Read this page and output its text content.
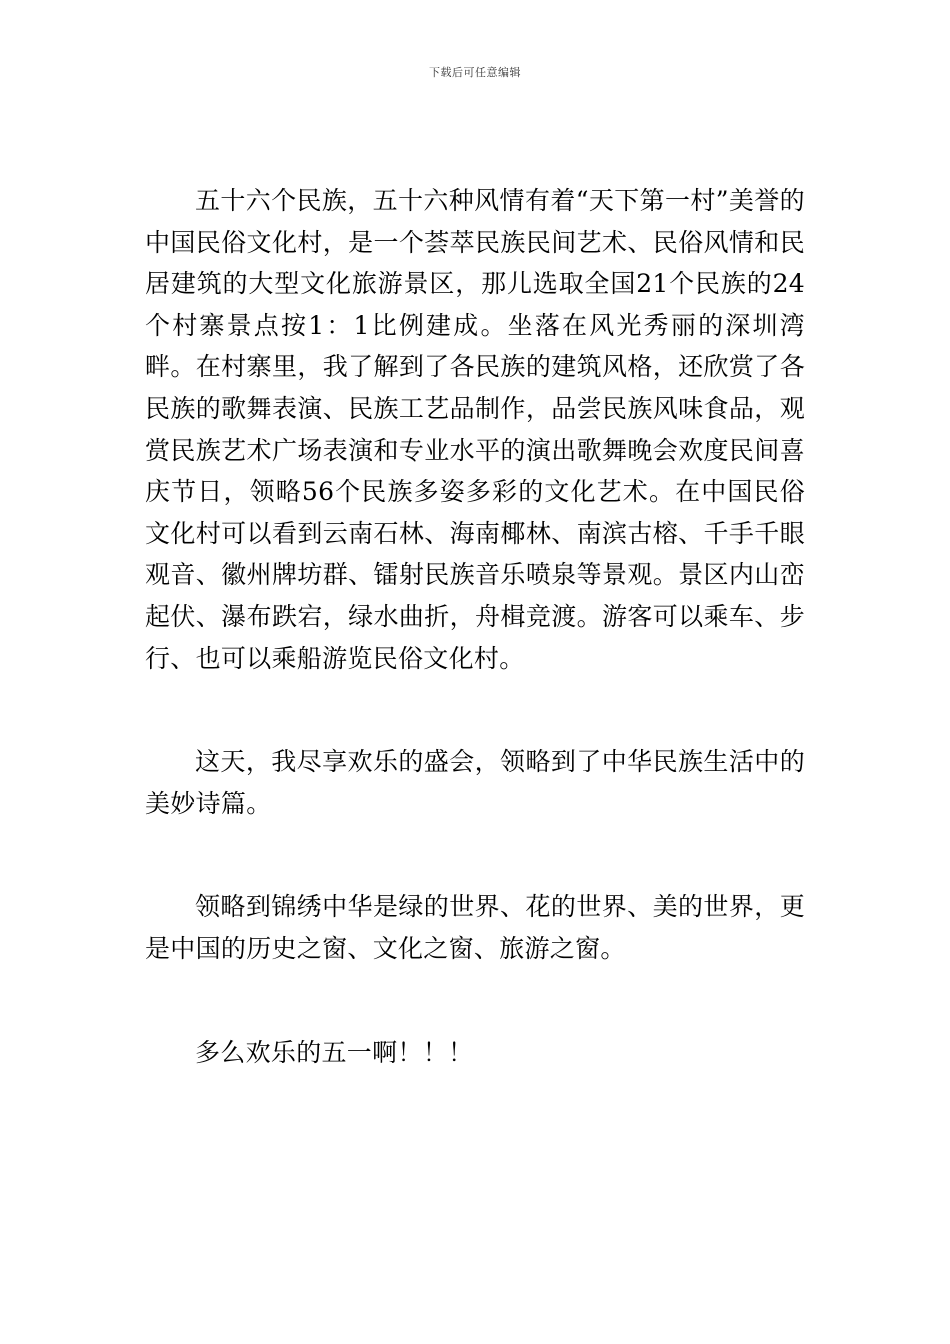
下载后可任意编辑

五十六个民族，五十六种风情有着“天下第一村”美誉的中国民俗文化村，是一个荟萃民族民间艺术、民俗风情和民居建筑的大型文化旅游景区，那儿选取全国21个民族的24个村寨景点按1：1比例建成。坐落在风光秀丽的深圳湾畔。在村寨里，我了解到了各民族的建筑风格，还欣赏了各民族的歌舞表演、民族工艺品制作，品尝民族风味食品，观赏民族艺术广场表演和专业水平的演出歌舞晚会欢度民间喜庆节日，领略56个民族多姿多彩的文化艺术。在中国民俗文化村可以看到云南石林、海南椰林、南滨古榕、千手千眼观音、徽州牌坊群、镭射民族音乐喷泉等景观。景区内山峦起伏、瀑布跌宕，绿水曲折，舟楫竞渡。游客可以乘车、步行、也可以乘船游览民俗文化村。

这天，我尽享欢乐的盛会，领略到了中华民族生活中的美妙诗篇。

领略到锦绣中华是绿的世界、花的世界、美的世界，更是中国的历史之窗、文化之窗、旅游之窗。

多么欢乐的五一啊！！！
